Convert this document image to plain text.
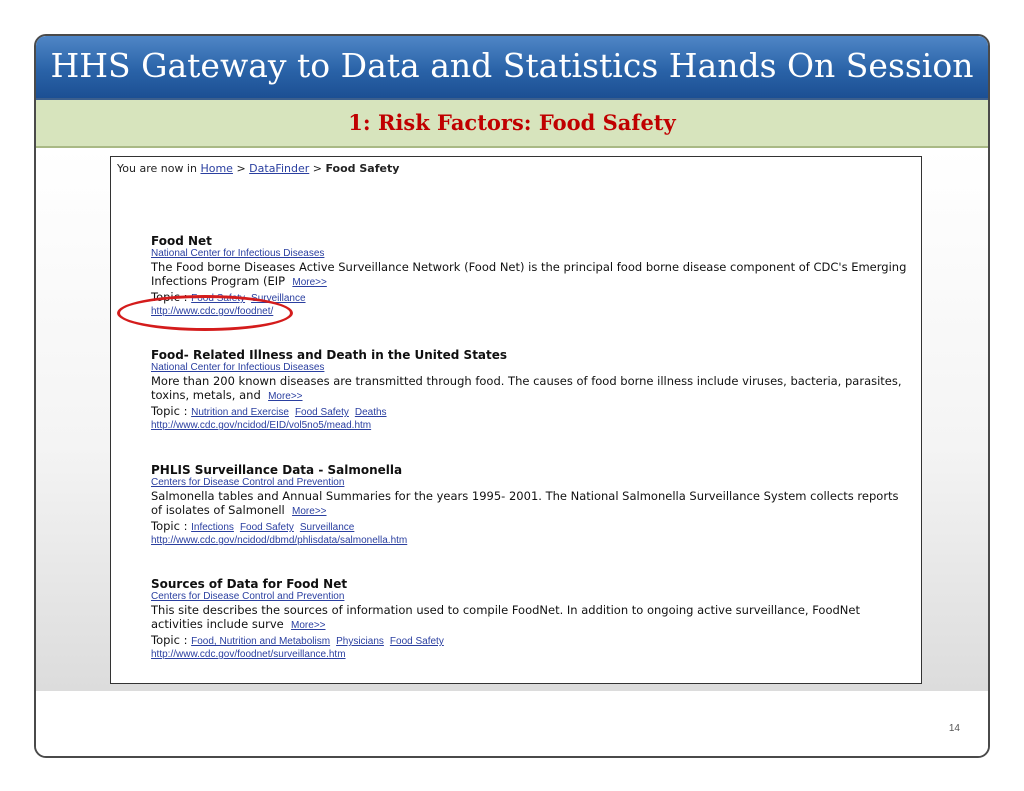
HHS Gateway to Data and Statistics Hands On Session
1: Risk Factors: Food Safety
You are now in Home > DataFinder > Food Safety
Food Net
National Center for Infectious Diseases
The Food borne Diseases Active Surveillance Network (Food Net) is the principal food borne disease component of CDC's Emerging Infections Program (EIP More>>
Topic : Food Safety Surveillance
http://www.cdc.gov/foodnet/
Food- Related Illness and Death in the United States
National Center for Infectious Diseases
More than 200 known diseases are transmitted through food. The causes of food borne illness include viruses, bacteria, parasites, toxins, metals, and More>>
Topic : Nutrition and Exercise Food Safety Deaths
http://www.cdc.gov/ncidod/EID/vol5no5/mead.htm
PHLIS Surveillance Data - Salmonella
Centers for Disease Control and Prevention
Salmonella tables and Annual Summaries for the years 1995- 2001. The National Salmonella Surveillance System collects reports of isolates of Salmonell More>>
Topic : Infections Food Safety Surveillance
http://www.cdc.gov/ncidod/dbmd/phlisdata/salmonella.htm
Sources of Data for Food Net
Centers for Disease Control and Prevention
This site describes the sources of information used to compile FoodNet. In addition to ongoing active surveillance, FoodNet activities include surve More>>
Topic : Food, Nutrition and Metabolism Physicians Food Safety
http://www.cdc.gov/foodnet/surveillance.htm
14
